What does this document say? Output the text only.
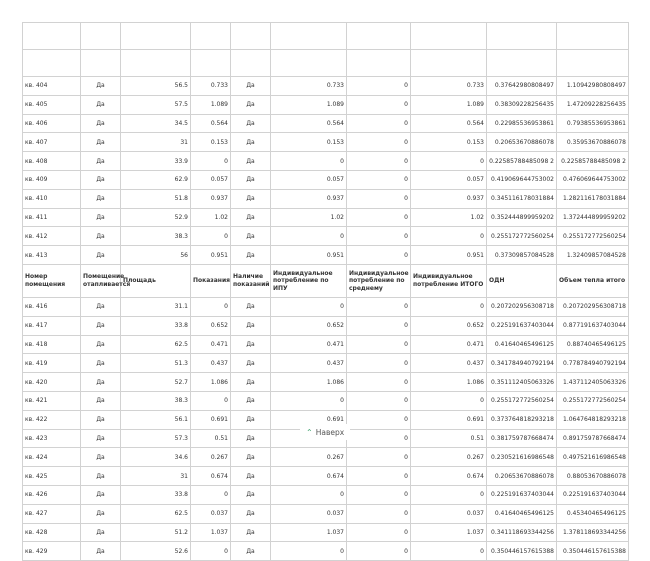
кв. 404	Да	56.5	0.733	Да	0.733	0	0.733	0.37642980808497	1.10942980808497
кв. 405	Да	57.5	1.089	Да	1.089	0	1.089	0.38309228256435	1.47209228256435
кв. 406	Да	34.5	0.564	Да	0.564	0	0.564	0.22985536953861	0.79385536953861
кв. 407	Да	31	0.153	Да	0.153	0	0.153	0.20653670886078	0.35953670886078
кв. 408	Да	33.9	0	Да	0	0	0	0.22585788485098 2	0.22585788485098 2
кв. 409	Да	62.9	0.057	Да	0.057	0	0.057	0.419069644753002	0.476069644753002
кв. 410	Да	51.8	0.937	Да	0.937	0	0.937	0.345116178031884	1.282116178031884
кв. 411	Да	52.9	1.02	Да	1.02	0	1.02	0.352444899959202	1.372444899959202
кв. 412	Да	38.3	0	Да	0	0	0	0.255172772560254	0.255172772560254
кв. 413	Да	56	0.951	Да	0.951	0	0.951	0.37309857084528	1.32409857084528
Номер помещения	Помещение отапливается	Площадь	Показания	Наличие показаний	Индивидуальное потребление по ИПУ	Индивидуальное потребление по среднему	Индивидуальное потребление ИТОГО	ОДН	Объем тепла итого
кв. 416	Да	31.1	0	Да	0	0	0	0.207202956308718	0.207202956308718
кв. 417	Да	33.8	0.652	Да	0.652	0	0.652	0.225191637403044	0.877191637403044
кв. 418	Да	62.5	0.471	Да	0.471	0	0.471	0.41640465496125	0.88740465496125
кв. 419	Да	51.3	0.437	Да	0.437	0	0.437	0.341784940792194	0.778784940792194
кв. 420	Да	52.7	1.086	Да	1.086	0	1.086	0.351112405063326	1.437112405063326
кв. 421	Да	38.3	0	Да	0	0	0	0.255172772560254	0.255172772560254
кв. 422	Да	56.1	0.691	Да	0.691	0	0.691	0.373764818293218	1.064764818293218
кв. 423	Да	57.3	0.51	Да		0	0.51	0.381759787668474	0.891759787668474
кв. 424	Да	34.6	0.267	Да	0.267	0	0.267	0.230521616986548	0.497521616986548
кв. 425	Да	31	0.674	Да	0.674	0	0.674	0.20653670886078	0.88053670886078
кв. 426	Да	33.8	0	Да	0	0	0	0.225191637403044	0.225191637403044
кв. 427	Да	62.5	0.037	Да	0.037	0	0.037	0.41640465496125	0.45340465496125
кв. 428	Да	51.2	1.037	Да	1.037	0	1.037	0.341118693344256	1.378118693344256
кв. 429	Да	52.6	0	Да	0	0	0	0.350446157615388	0.350446157615388
⌃ Наверх
